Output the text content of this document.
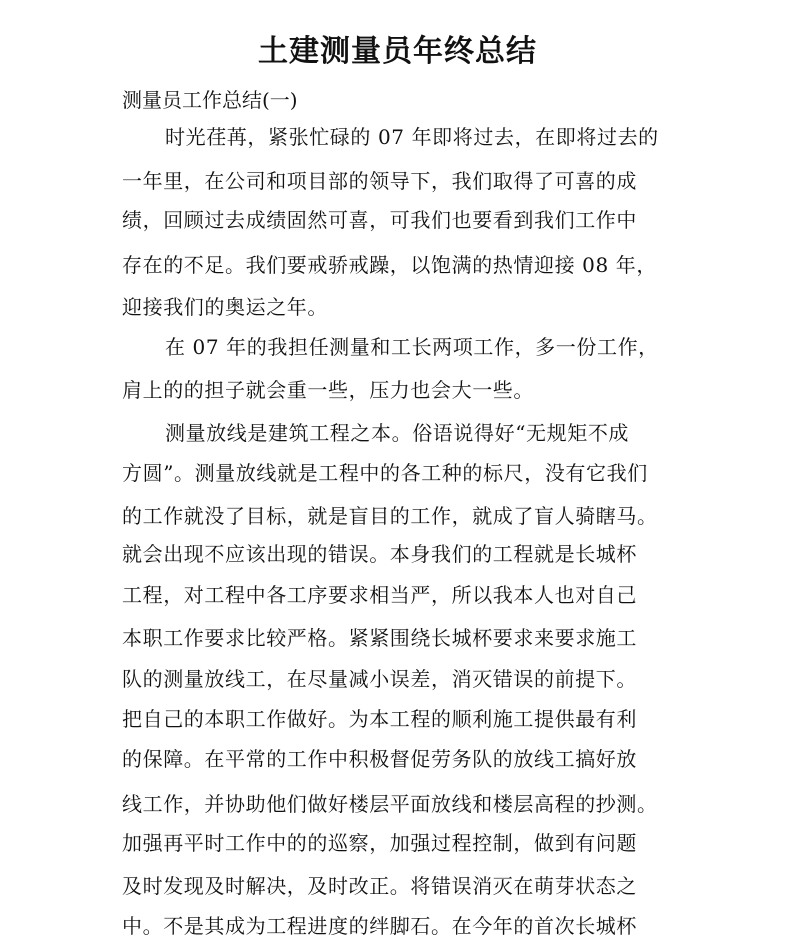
土建测量员年终总结

测量员工作总结(一)

时光荏苒，紧张忙碌的 07 年即将过去，在即将过去的

一年里，在公司和项目部的领导下，我们取得了可喜的成

绩，回顾过去成绩固然可喜，可我们也要看到我们工作中

存在的不足。我们要戒骄戒躁，以饱满的热情迎接 08 年，

迎接我们的奥运之年。

在 07 年的我担任测量和工长两项工作，多一份工作，

肩上的的担子就会重一些，压力也会大一些。

测量放线是建筑工程之本。俗语说得好“无规矩不成

方圆”。测量放线就是工程中的各工种的标尺，没有它我们

的工作就没了目标，就是盲目的工作，就成了盲人骑瞎马。

就会出现不应该出现的错误。本身我们的工程就是长城杯

工程，对工程中各工序要求相当严，所以我本人也对自己

本职工作要求比较严格。紧紧围绕长城杯要求来要求施工

队的测量放线工，在尽量减小误差，消灭错误的前提下。

把自己的本职工作做好。为本工程的顺利施工提供最有利

的保障。在平常的工作中积极督促劳务队的放线工搞好放

线工作，并协助他们做好楼层平面放线和楼层高程的抄测。

加强再平时工作中的的巡察，加强过程控制，做到有问题

及时发现及时解决，及时改正。将错误消灭在萌芽状态之

中。不是其成为工程进度的绊脚石。在今年的首次长城杯
